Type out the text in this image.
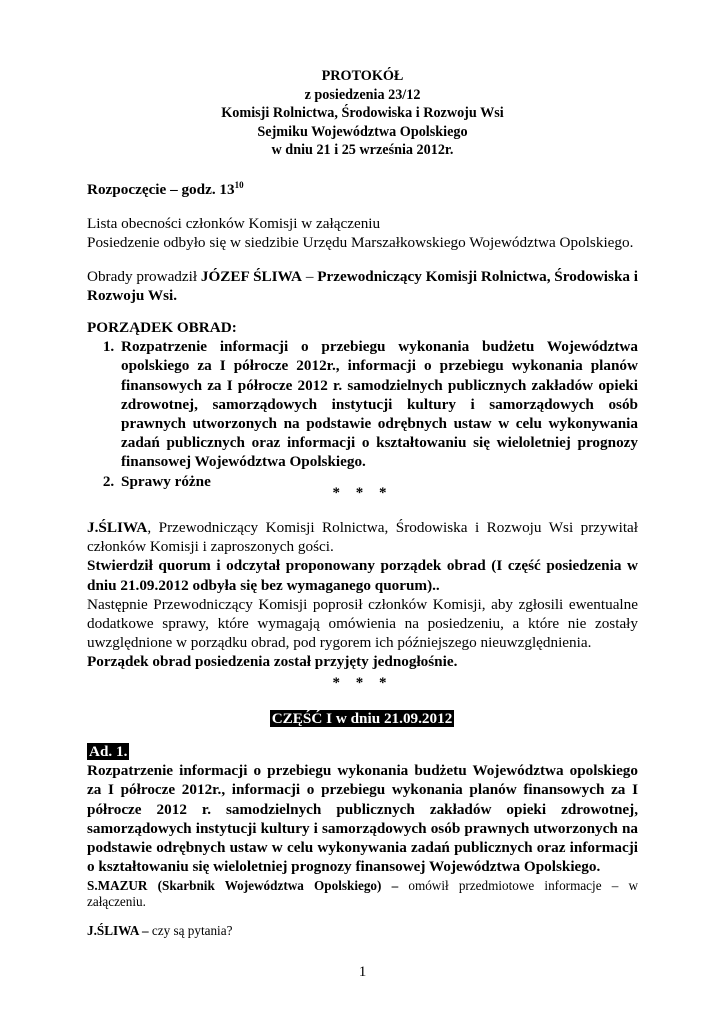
PROTOKÓŁ
z posiedzenia 23/12
Komisji Rolnictwa, Środowiska i Rozwoju Wsi
Sejmiku Województwa Opolskiego
w dniu 21 i 25 września 2012r.
Rozpoczęcie – godz. $13^{10}$
Lista obecności członków Komisji w załączeniu
Posiedzenie odbyło się w siedzibie Urzędu Marszałkowskiego Województwa Opolskiego.
Obrady prowadził JÓZEF ŚLIWA – Przewodniczący Komisji Rolnictwa, Środowiska i Rozwoju Wsi.
PORZĄDEK OBRAD:
1. Rozpatrzenie informacji o przebiegu wykonania budżetu Województwa opolskiego za I półrocze 2012r., informacji o przebiegu wykonania planów finansowych za I półrocze 2012 r. samodzielnych publicznych zakładów opieki zdrowotnej, samorządowych instytucji kultury i samorządowych osób prawnych utworzonych na podstawie odrębnych ustaw w celu wykonywania zadań publicznych oraz informacji o kształtowaniu się wieloletniej prognozy finansowej Województwa Opolskiego.
2. Sprawy różne
* * *
J.ŚLIWA, Przewodniczący Komisji Rolnictwa, Środowiska i Rozwoju Wsi przywitał członków Komisji i zaproszonych gości.
Stwierdził quorum i odczytał proponowany porządek obrad (I część posiedzenia w dniu 21.09.2012 odbyła się bez wymaganego quorum)..
Następnie Przewodniczący Komisji poprosił członków Komisji, aby zgłosili ewentualne dodatkowe sprawy, które wymagają omówienia na posiedzeniu, a które nie zostały uwzględnione w porządku obrad, pod rygorem ich późniejszego nieuwzględnienia.
Porządek obrad posiedzenia został przyjęty jednogłośnie.
* * *
CZĘŚĆ I w dniu 21.09.2012
Ad. 1.
Rozpatrzenie informacji o przebiegu wykonania budżetu Województwa opolskiego za I półrocze 2012r., informacji o przebiegu wykonania planów finansowych za I półrocze 2012 r. samodzielnych publicznych zakładów opieki zdrowotnej, samorządowych instytucji kultury i samorządowych osób prawnych utworzonych na podstawie odrębnych ustaw w celu wykonywania zadań publicznych oraz informacji o kształtowaniu się wieloletniej prognozy finansowej Województwa Opolskiego.
S.MAZUR (Skarbnik Województwa Opolskiego) – omówił przedmiotowe informacje – w załączeniu.
J.ŚLIWA – czy są pytania?
1
